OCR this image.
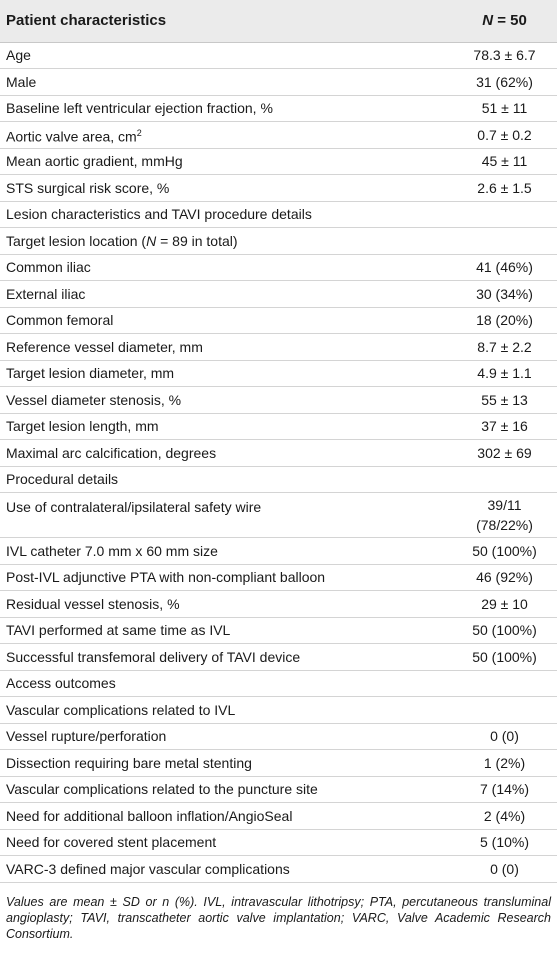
Patient characteristics	N = 50
Age	78.3 ± 6.7
Male	31 (62%)
Baseline left ventricular ejection fraction, %	51 ± 11
Aortic valve area, $cm^2$	0.7 ± 0.2
Mean aortic gradient, mmHg	45 ± 11
STS surgical risk score, %	2.6 ± 1.5
Lesion characteristics and TAVI procedure details	
Target lesion location (N = 89 in total)	
Common iliac	41 (46%)
External iliac	30 (34%)
Common femoral	18 (20%)
Reference vessel diameter, mm	8.7 ± 2.2
Target lesion diameter, mm	4.9 ± 1.1
Vessel diameter stenosis, %	55 ± 13
Target lesion length, mm	37 ± 16
Maximal arc calcification, degrees	302 ± 69
Procedural details	
Use of contralateral/ipsilateral safety wire	39/11
(78/22%)
IVL catheter 7.0 mm x 60 mm size	50 (100%)
Post-IVL adjunctive PTA with non-compliant balloon	46 (92%)
Residual vessel stenosis, %	29 ± 10
TAVI performed at same time as IVL	50 (100%)
Successful transfemoral delivery of TAVI device	50 (100%)
Access outcomes	
Vascular complications related to IVL	
Vessel rupture/perforation	0 (0)
Dissection requiring bare metal stenting	1 (2%)
Vascular complications related to the puncture site	7 (14%)
Need for additional balloon inflation/AngioSeal	2 (4%)
Need for covered stent placement	5 (10%)
VARC-3 defined major vascular complications	0 (0)
Values are mean ± SD or n (%). IVL, intravascular lithotripsy; PTA, percutaneous transluminal angioplasty; TAVI, transcatheter aortic valve implantation; VARC, Valve Academic Research Consortium.
